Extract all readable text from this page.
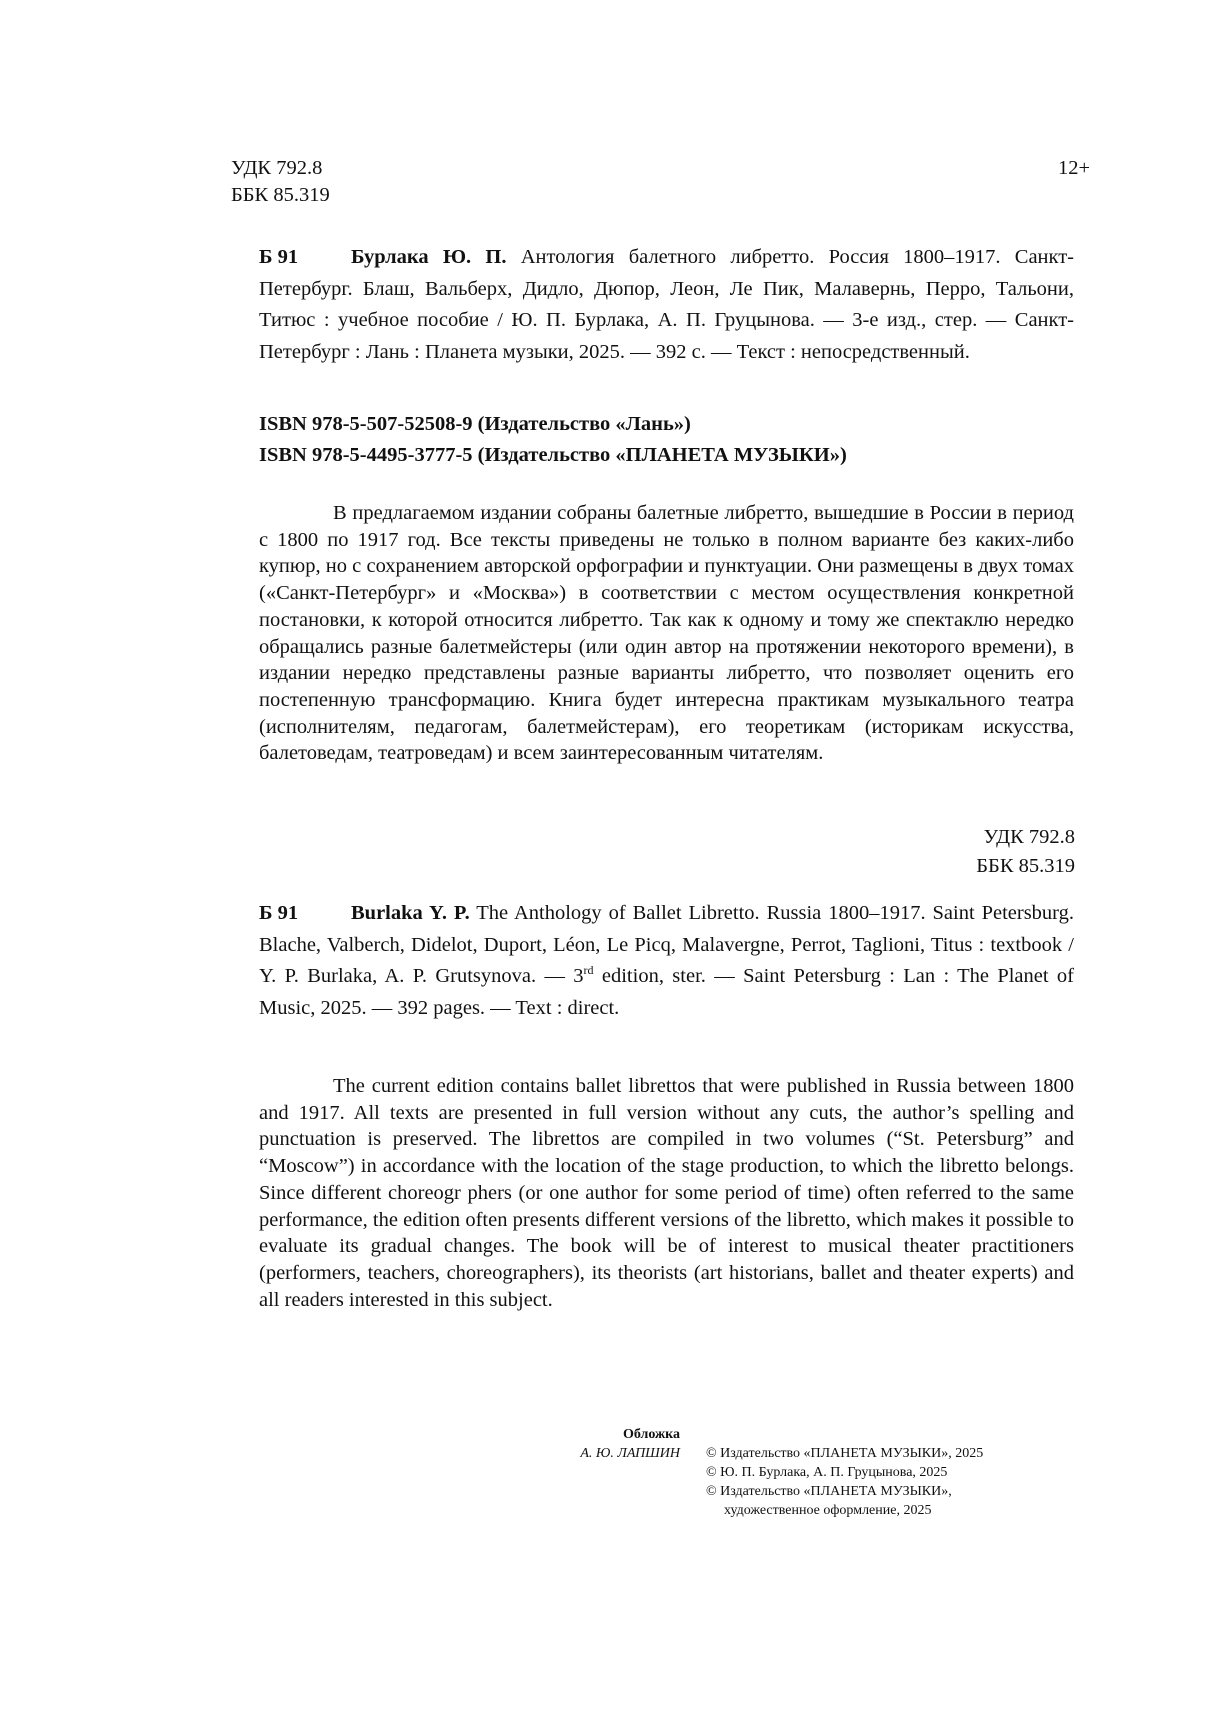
УДК 792.8
ББК 85.319
12+
Б 91	Бурлака Ю. П. Антология балетного либретто. Россия 1800–1917. Санкт-Петербург. Блаш, Вальберх, Дидло, Дюпор, Леон, Ле Пик, Малавернь, Перро, Тальони, Титюс : учебное пособие / Ю. П. Бурлака, А. П. Груцынова. — 3-е изд., стер. — Санкт-Петербург : Лань : Планета музыки, 2025. — 392 с. — Текст : непосредственный.
ISBN 978-5-507-52508-9 (Издательство «Лань»)
ISBN 978-5-4495-3777-5 (Издательство «ПЛАНЕТА МУЗЫКИ»)
В предлагаемом издании собраны балетные либретто, вышедшие в России в период с 1800 по 1917 год. Все тексты приведены не только в полном варианте без каких-либо купюр, но с сохранением авторской орфографии и пунктуации. Они размещены в двух томах («Санкт-Петербург» и «Москва») в соответствии с местом осуществления конкретной постановки, к которой относится либретто. Так как к одному и тому же спектаклю нередко обращались разные балетмейстеры (или один автор на протяжении некоторого времени), в издании нередко представлены разные варианты либретто, что позволяет оценить его постепенную трансформацию. Книга будет интересна практикам музыкального театра (исполнителям, педагогам, балетмейстерам), его теоретикам (историкам искусства, балетоведам, театроведам) и всем заинтересованным читателям.
УДК 792.8
ББК 85.319
Б 91	Burlaka Y. P. The Anthology of Ballet Libretto. Russia 1800–1917. Saint Petersburg. Blache, Valberch, Didelot, Duport, Léon, Le Picq, Malavergne, Perrot, Taglioni, Titus : textbook / Y. P. Burlaka, A. P. Grutsynova. — 3rd edition, ster. — Saint Petersburg : Lan : The Planet of Music, 2025. — 392 pages. — Text : direct.
The current edition contains ballet librettos that were published in Russia between 1800 and 1917. All texts are presented in full version without any cuts, the author’s spelling and punctuation is preserved. The librettos are compiled in two volumes (“St. Petersburg” and “Moscow”) in accordance with the location of the stage production, to which the libretto belongs. Since different choreogr phers (or one author for some period of time) often referred to the same performance, the edition often presents different versions of the libretto, which makes it possible to evaluate its gradual changes. The book will be of interest to musical theater practitioners (performers, teachers, choreographers), its theorists (art historians, ballet and theater experts) and all readers interested in this subject.
Обложка
А. Ю. ЛАПШИН © Издательство «ПЛАНЕТА МУЗЫКИ», 2025
© Ю. П. Бурлака, А. П. Груцынова, 2025
© Издательство «ПЛАНЕТА МУЗЫКИ»,
художественное оформление, 2025
